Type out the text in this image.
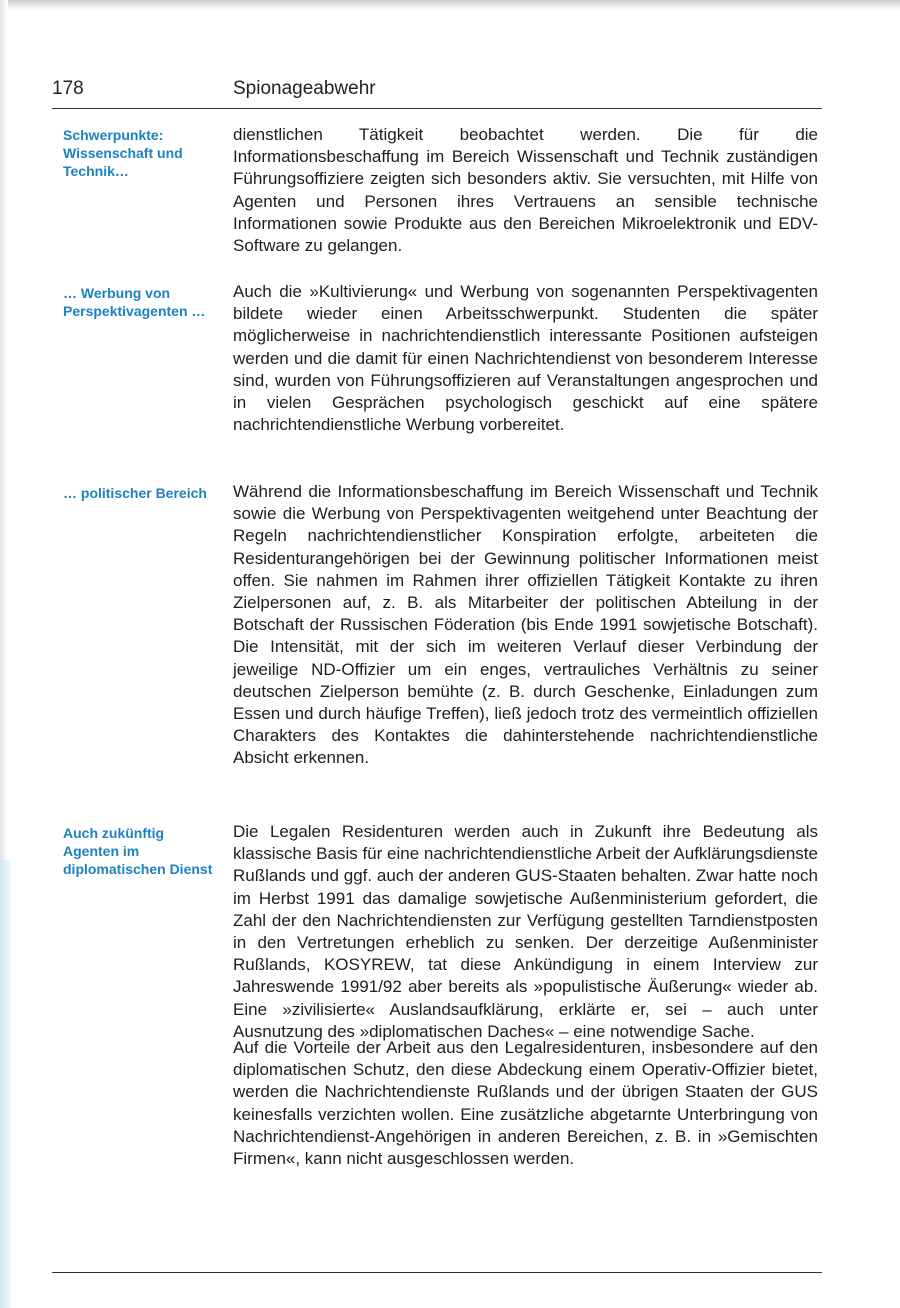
178	Spionageabwehr
Schwerpunkte: Wissenschaft und Technik…

dienstlichen Tätigkeit beobachtet werden. Die für die Informationsbeschaffung im Bereich Wissenschaft und Technik zuständigen Führungsoffiziere zeigten sich besonders aktiv. Sie versuchten, mit Hilfe von Agenten und Personen ihres Vertrauens an sensible technische Informationen sowie Produkte aus den Bereichen Mikroelektronik und EDV-Software zu gelangen.

… Werbung von Perspektivagenten …

Auch die »Kultivierung« und Werbung von sogenannten Perspektivagenten bildete wieder einen Arbeitsschwerpunkt. Studenten die später möglicherweise in nachrichtendienstlich interessante Positionen aufsteigen werden und die damit für einen Nachrichtendienst von besonderem Interesse sind, wurden von Führungsoffizieren auf Veranstaltungen angesprochen und in vielen Gesprächen psychologisch geschickt auf eine spätere nachrichtendienstliche Werbung vorbereitet.

… politischer Bereich	Während die Informationsbeschaffung im Bereich Wissenschaft und Technik sowie die Werbung von Perspektivagenten weitgehend unter Beachtung der Regeln nachrichtendienstlicher Konspiration erfolgte, arbeiteten die Residenturangehörigen bei der Gewinnung politischer Informationen meist offen. Sie nahmen im Rahmen ihrer offiziellen Tätigkeit Kontakte zu ihren Zielpersonen auf, z. B. als Mitarbeiter der politischen Abteilung in der Botschaft der Russischen Föderation (bis Ende 1991 sowjetische Botschaft). Die Intensität, mit der sich im weiteren Verlauf dieser Verbindung der jeweilige ND-Offizier um ein enges, vertrauliches Verhältnis zu seiner deutschen Zielperson bemühte (z. B. durch Geschenke, Einladungen zum Essen und durch häufige Treffen), ließ jedoch trotz des vermeintlich offiziellen Charakters des Kontaktes die dahinterstehende nachrichtendienstliche Absicht erkennen.

Auch zukünftig Agenten im diplomatischen Dienst

Die Legalen Residenturen werden auch in Zukunft ihre Bedeutung als klassische Basis für eine nachrichtendienstliche Arbeit der Aufklärungsdienste Rußlands und ggf. auch der anderen GUS-Staaten behalten. Zwar hatte noch im Herbst 1991 das damalige sowjetische Außenministerium gefordert, die Zahl der den Nachrichtendiensten zur Verfügung gestellten Tarndienstposten in den Vertretungen erheblich zu senken. Der derzeitige Außenminister Rußlands, KOSYREW, tat diese Ankündigung in einem Interview zur Jahreswende 1991/92 aber bereits als »populistische Äußerung« wieder ab. Eine »zivilisierte« Auslandsaufklärung, erklärte er, sei – auch unter Ausnutzung des »diplomatischen Daches« – eine notwendige Sache.

Auf die Vorteile der Arbeit aus den Legalresidenturen, insbesondere auf den diplomatischen Schutz, den diese Abdeckung einem Operativ-Offizier bietet, werden die Nachrichtendienste Rußlands und der übrigen Staaten der GUS keinesfalls verzichten wollen. Eine zusätzliche abgetarnte Unterbringung von Nachrichtendienst-Angehörigen in anderen Bereichen, z. B. in »Gemischten Firmen«, kann nicht ausgeschlossen werden.
